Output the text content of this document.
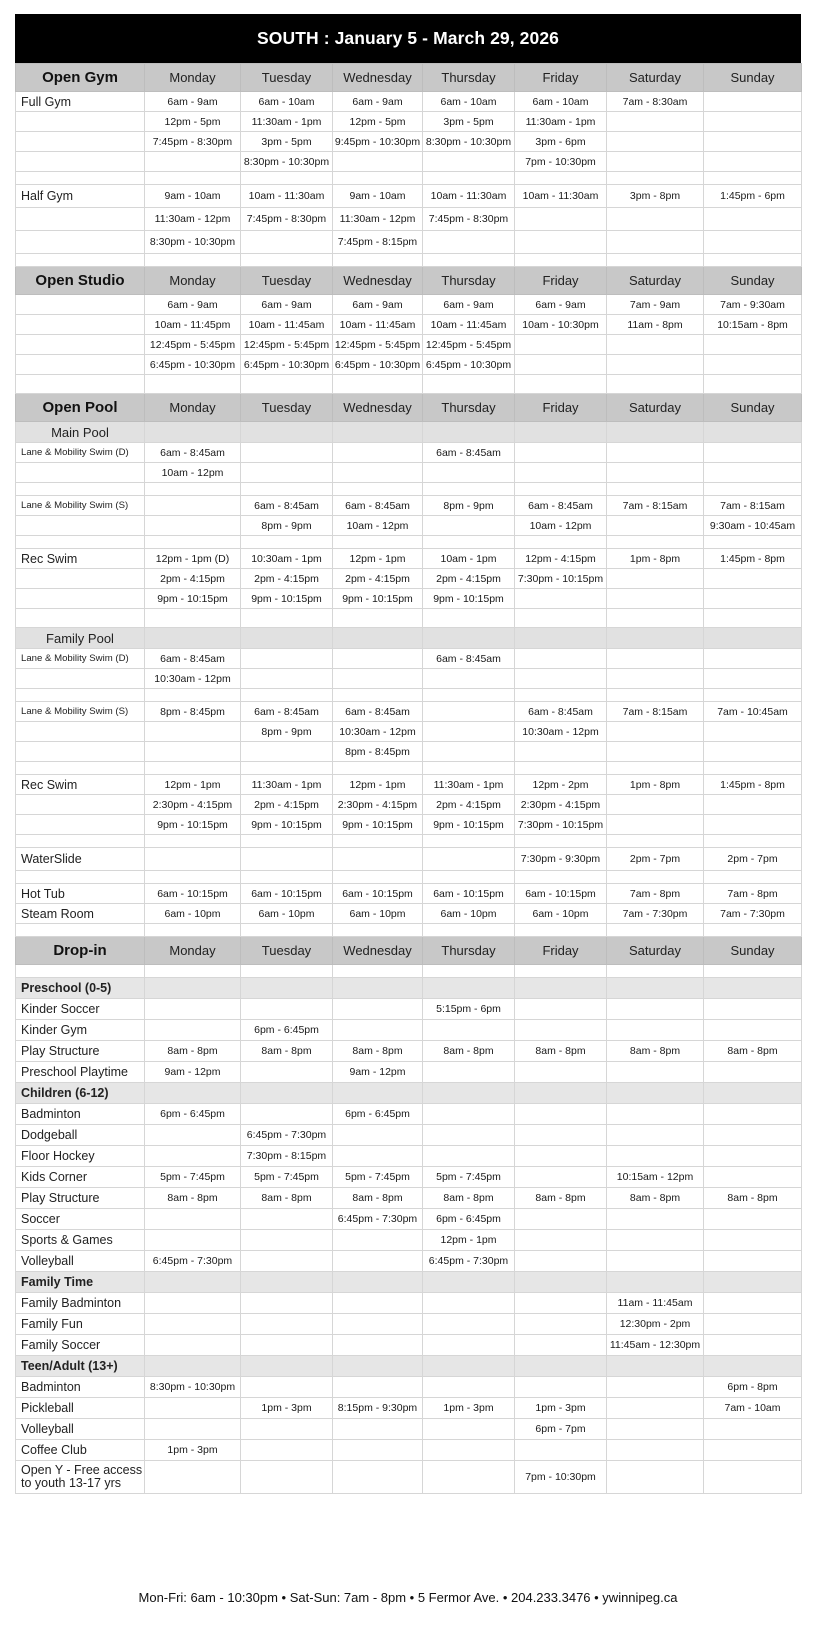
SOUTH : January 5 - March 29, 2026
Open Gym	Monday	Tuesday	Wednesday	Thursday	Friday	Saturday	Sunday
Full Gym	6am - 9am	6am - 10am	6am - 9am	6am - 10am	6am - 10am	7am - 8:30am	
	12pm - 5pm	11:30am - 1pm	12pm - 5pm	3pm - 5pm	11:30am - 1pm		
	7:45pm - 8:30pm	3pm - 5pm	9:45pm - 10:30pm	8:30pm - 10:30pm	3pm - 6pm		
		8:30pm - 10:30pm			7pm - 10:30pm		

Half Gym	9am - 10am	10am - 11:30am	9am - 10am	10am - 11:30am	10am - 11:30am	3pm - 8pm	1:45pm - 6pm
	11:30am - 12pm	7:45pm - 8:30pm	11:30am - 12pm	7:45pm - 8:30pm			
	8:30pm - 10:30pm		7:45pm - 8:15pm				

Open Studio	Monday	Tuesday	Wednesday	Thursday	Friday	Saturday	Sunday
	6am - 9am	6am - 9am	6am - 9am	6am - 9am	6am - 9am	7am - 9am	7am - 9:30am
	10am - 11:45pm	10am - 11:45am	10am - 11:45am	10am - 11:45am	10am - 10:30pm	11am - 8pm	10:15am - 8pm
	12:45pm - 5:45pm	12:45pm - 5:45pm	12:45pm - 5:45pm	12:45pm - 5:45pm			
	6:45pm - 10:30pm	6:45pm - 10:30pm	6:45pm - 10:30pm	6:45pm - 10:30pm			

Open Pool	Monday	Tuesday	Wednesday	Thursday	Friday	Saturday	Sunday
Main Pool							
Lane & Mobility Swim (D)	6am - 8:45am			6am - 8:45am			
	10am - 12pm						

Lane & Mobility Swim (S)		6am - 8:45am	6am - 8:45am	8pm - 9pm	6am - 8:45am	7am - 8:15am	7am - 8:15am
		8pm - 9pm	10am - 12pm		10am - 12pm		9:30am - 10:45am

Rec Swim	12pm - 1pm (D)	10:30am - 1pm	12pm - 1pm	10am - 1pm	12pm - 4:15pm	1pm - 8pm	1:45pm - 8pm
	2pm - 4:15pm	2pm - 4:15pm	2pm - 4:15pm	2pm - 4:15pm	7:30pm - 10:15pm		
	9pm - 10:15pm	9pm - 10:15pm	9pm - 10:15pm	9pm - 10:15pm			

Family Pool							
Lane & Mobility Swim (D)	6am - 8:45am			6am - 8:45am			
	10:30am - 12pm						

Lane & Mobility Swim (S)	8pm - 8:45pm	6am - 8:45am	6am - 8:45am		6am - 8:45am	7am - 8:15am	7am - 10:45am
		8pm - 9pm	10:30am - 12pm		10:30am - 12pm		
			8pm - 8:45pm				

Rec Swim	12pm - 1pm	11:30am - 1pm	12pm - 1pm	11:30am - 1pm	12pm - 2pm	1pm - 8pm	1:45pm - 8pm
	2:30pm - 4:15pm	2pm - 4:15pm	2:30pm - 4:15pm	2pm - 4:15pm	2:30pm - 4:15pm		
	9pm - 10:15pm	9pm - 10:15pm	9pm - 10:15pm	9pm - 10:15pm	7:30pm - 10:15pm		

WaterSlide					7:30pm - 9:30pm	2pm - 7pm	2pm - 7pm

Hot Tub	6am - 10:15pm	6am - 10:15pm	6am - 10:15pm	6am - 10:15pm	6am - 10:15pm	7am - 8pm	7am - 8pm
Steam Room	6am - 10pm	6am - 10pm	6am - 10pm	6am - 10pm	6am - 10pm	7am - 7:30pm	7am - 7:30pm

Drop-in	Monday	Tuesday	Wednesday	Thursday	Friday	Saturday	Sunday

Preschool (0-5)							
Kinder Soccer				5:15pm - 6pm			
Kinder Gym		6pm - 6:45pm					
Play Structure	8am - 8pm	8am - 8pm	8am - 8pm	8am - 8pm	8am - 8pm	8am - 8pm	8am - 8pm
Preschool Playtime	9am - 12pm		9am - 12pm				
Children (6-12)							
Badminton	6pm - 6:45pm		6pm - 6:45pm				
Dodgeball		6:45pm - 7:30pm					
Floor Hockey		7:30pm - 8:15pm					
Kids Corner	5pm - 7:45pm	5pm - 7:45pm	5pm - 7:45pm	5pm - 7:45pm		10:15am - 12pm	
Play Structure	8am - 8pm	8am - 8pm	8am - 8pm	8am - 8pm	8am - 8pm	8am - 8pm	8am - 8pm
Soccer			6:45pm - 7:30pm	6pm - 6:45pm			
Sports & Games				12pm - 1pm			
Volleyball	6:45pm - 7:30pm			6:45pm - 7:30pm			
Family Time							
Family Badminton						11am - 11:45am	
Family Fun						12:30pm - 2pm	
Family Soccer						11:45am - 12:30pm	
Teen/Adult (13+)							
Badminton	8:30pm - 10:30pm						6pm - 8pm
Pickleball		1pm - 3pm	8:15pm - 9:30pm	1pm - 3pm	1pm - 3pm		7am - 10am
Volleyball					6pm - 7pm		
Coffee Club	1pm - 3pm						
Open Y - Free access to youth 13-17 yrs					7pm - 10:30pm		
Mon-Fri: 6am - 10:30pm • Sat-Sun: 7am - 8pm • 5 Fermor Ave. • 204.233.3476 • ywinnipeg.ca
